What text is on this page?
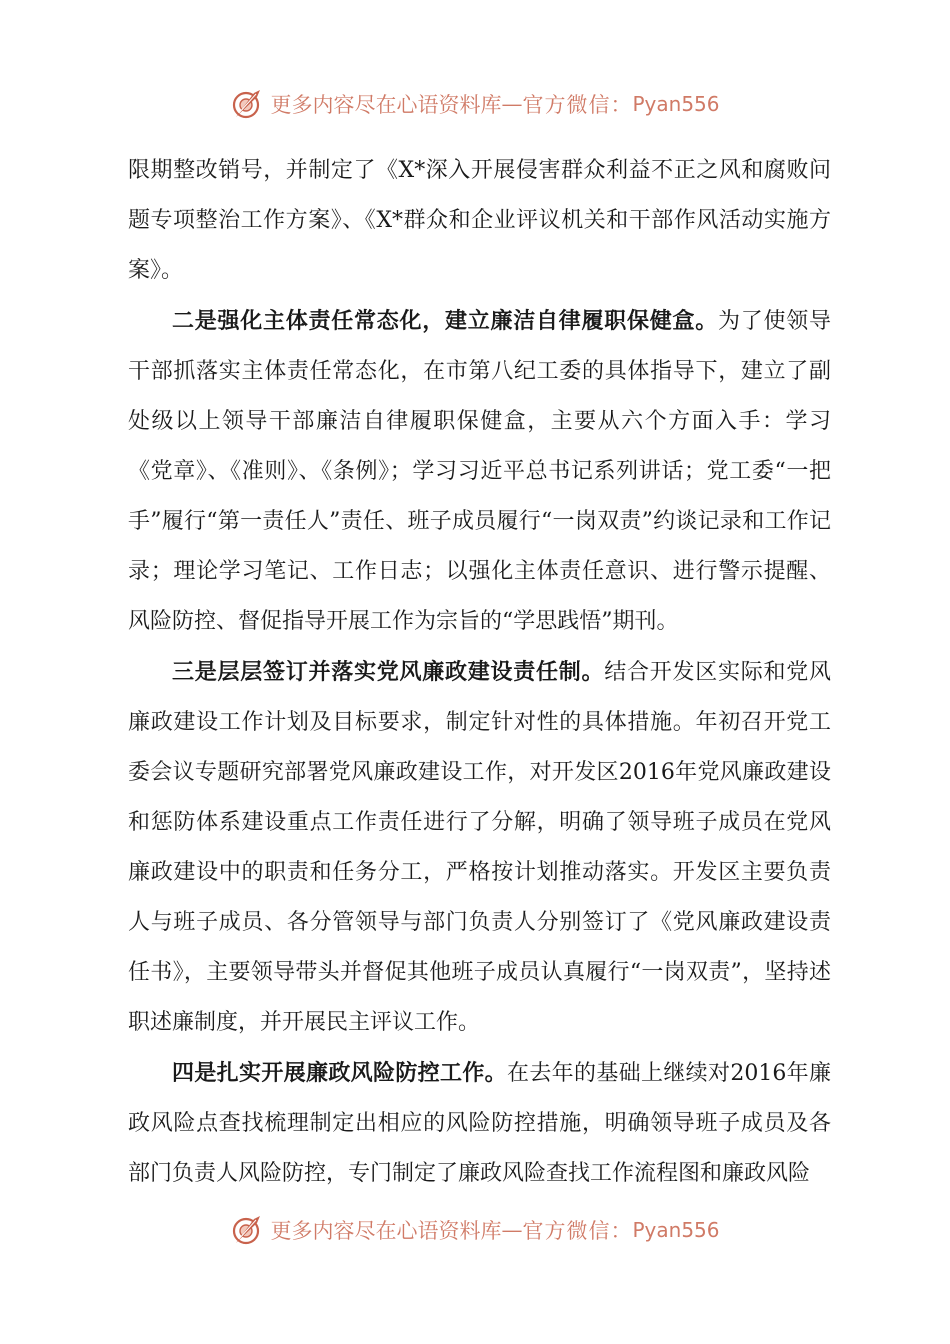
更多内容尽在心语资料库 — 官方微信： Pyan556

限期整改销号，并制定了《X*深入开展侵害群众利益不正之风和腐败问题专项整治工作方案》、《X*群众和企业评议机关和干部作风活动实施方案》。

二是强化主体责任常态化，建立廉洁自律履职保健盒。为了使领导干部抓落实主体责任常态化，在市第八纪工委的具体指导下，建立了副处级以上领导干部廉洁自律履职保健盒，主要从六个方面入手：学习《党章》、《准则》、《条例》；学习习近平总书记系列讲话；党工委“一把手”履行“第一责任人”责任、班子成员履行“一岗双责”约谈记录和工作记录；理论学习笔记、工作日志；以强化主体责任意识、进行警示提醒、风险防控、督促指导开展工作为宗旨的“学思践悟”期刊。

三是层层签订并落实党风廉政建设责任制。结合开发区实际和党风廉政建设工作计划及目标要求，制定针对性的具体措施。年初召开党工委会议专题研究部署党风廉政建设工作，对开发区2016年党风廉政建设和惩防体系建设重点工作责任进行了分解，明确了领导班子成员在党风廉政建设中的职责和任务分工，严格按计划推动落实。开发区主要负责人与班子成员、各分管领导与部门负责人分别签订了《党风廉政建设责任书》，主要领导带头并督促其他班子成员认真履行“一岗双责”，坚持述职述廉制度，并开展民主评议工作。

四是扎实开展廉政风险防控工作。在去年的基础上继续对2016年廉政风险点查找梳理制定出相应的风险防控措施，明确领导班子成员及各部门负责人风险防控，专门制定了廉政风险查找工作流程图和廉政风险

更多内容尽在心语资料库 — 官方微信： Pyan556
